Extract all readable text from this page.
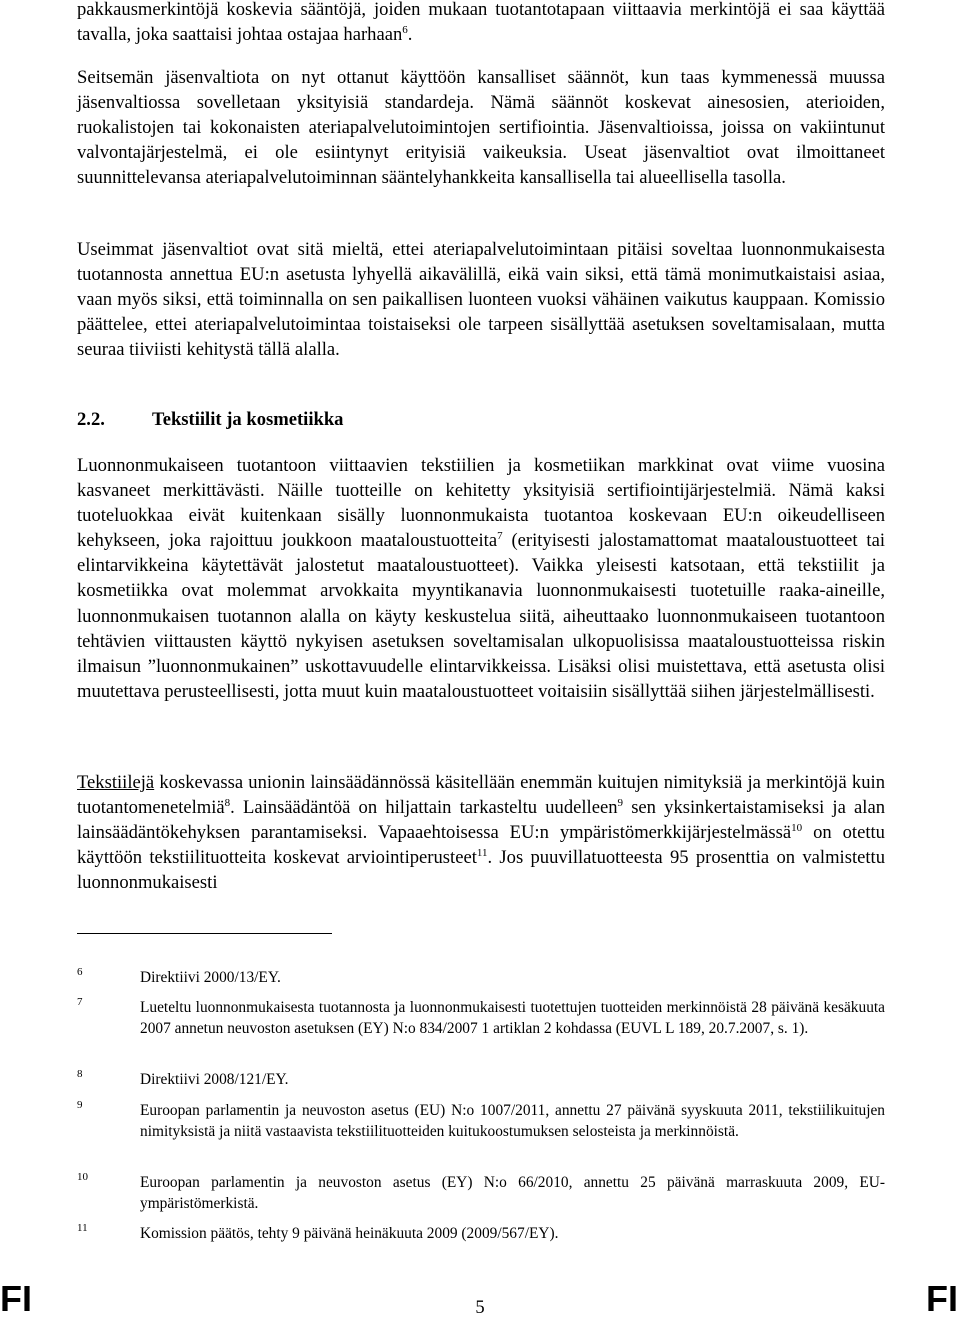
pakkausmerkintöjä koskevia sääntöjä, joiden mukaan tuotantotapaan viittaavia merkintöjä ei saa käyttää tavalla, joka saattaisi johtaa ostajaa harhaan$^6$.

Seitsemän jäsenvaltiota on nyt ottanut käyttöön kansalliset säännöt, kun taas kymmenessä muussa jäsenvaltiossa sovelletaan yksityisiä standardeja. Nämä säännöt koskevat ainesosien, aterioiden, ruokalistojen tai kokonaisten ateriapalvelutoimintojen sertifiointia. Jäsenvaltioissa, joissa on vakiintunut valvontajärjestelmä, ei ole esiintynyt erityisiä vaikeuksia. Useat jäsenvaltiot ovat ilmoittaneet suunnittelevansa ateriapalvelutoiminnan sääntelyhankkeita kansallisella tai alueellisella tasolla.

Useimmat jäsenvaltiot ovat sitä mieltä, ettei ateriapalvelutoimintaan pitäisi soveltaa luonnonmukaisesta tuotannosta annettua EU:n asetusta lyhyellä aikavälillä, eikä vain siksi, että tämä monimutkaistaisi asiaa, vaan myös siksi, että toiminnalla on sen paikallisen luonteen vuoksi vähäinen vaikutus kauppaan. Komissio päättelee, ettei ateriapalvelutoimintaa toistaiseksi ole tarpeen sisällyttää asetuksen soveltamisalaan, mutta seuraa tiiviisti kehitystä tällä alalla.

2.2.	Tekstiilit ja kosmetiikka

Luonnonmukaiseen tuotantoon viittaavien tekstiilien ja kosmetiikan markkinat ovat viime vuosina kasvaneet merkittävästi. Näille tuotteille on kehitetty yksityisiä sertifiointijärjestelmiä. Nämä kaksi tuoteluokkaa eivät kuitenkaan sisälly luonnonmukaista tuotantoa koskevaan EU:n oikeudelliseen kehykseen, joka rajoittuu joukkoon maataloustuotteita$^7$ (erityisesti jalostamattomat maataloustuotteet tai elintarvikkeina käytettävät jalostetut maataloustuotteet). Vaikka yleisesti katsotaan, että tekstiilit ja kosmetiikka ovat molemmat arvokkaita myyntikanavia luonnonmukaisesti tuotetuille raaka-aineille, luonnonmukaisen tuotannon alalla on käyty keskustelua siitä, aiheuttaako luonnonmukaiseen tuotantoon tehtävien viittausten käyttö nykyisen asetuksen soveltamisalan ulkopuolisissa maataloustuotteissa riskin ilmaisun ”luonnonmukainen” uskottavuudelle elintarvikkeissa. Lisäksi olisi muistettava, että asetusta olisi muutettava perusteellisesti, jotta muut kuin maataloustuotteet voitaisiin sisällyttää siihen järjestelmällisesti.

Tekstiilejä koskevassa unionin lainsäädännössä käsitellään enemmän kuitujen nimityksiä ja merkintöjä kuin tuotantomenetelmiä$^8$. Lainsäädäntöä on hiljattain tarkasteltu uudelleen$^9$ sen yksinkertaistamiseksi ja alan lainsäädäntökehyksen parantamiseksi. Vapaaehtoisessa EU:n ympäristömerkkijärjestelmässä$^{10}$ on otettu käyttöön tekstiilituotteita koskevat arviointiperusteet$^{11}$. Jos puuvillatuotteesta 95 prosenttia on valmistettu luonnonmukaisesti

6	Direktiivi 2000/13/EY.
7	Lueteltu luonnonmukaisesta tuotannosta ja luonnonmukaisesti tuotettujen tuotteiden merkinnöistä 28 päivänä kesäkuuta 2007 annetun neuvoston asetuksen (EY) N:o 834/2007 1 artiklan 2 kohdassa (EUVL L 189, 20.7.2007, s. 1).
8	Direktiivi 2008/121/EY.
9	Euroopan parlamentin ja neuvoston asetus (EU) N:o 1007/2011, annettu 27 päivänä syyskuuta 2011, tekstiilikuitujen nimityksistä ja niitä vastaavista tekstiilituotteiden kuitukoostumuksen selosteista ja merkinnöistä.
10	Euroopan parlamentin ja neuvoston asetus (EY) N:o 66/2010, annettu 25 päivänä marraskuuta 2009, EU-ympäristömerkistä.
11	Komission päätös, tehty 9 päivänä heinäkuuta 2009 (2009/567/EY).
FI	5	FI
